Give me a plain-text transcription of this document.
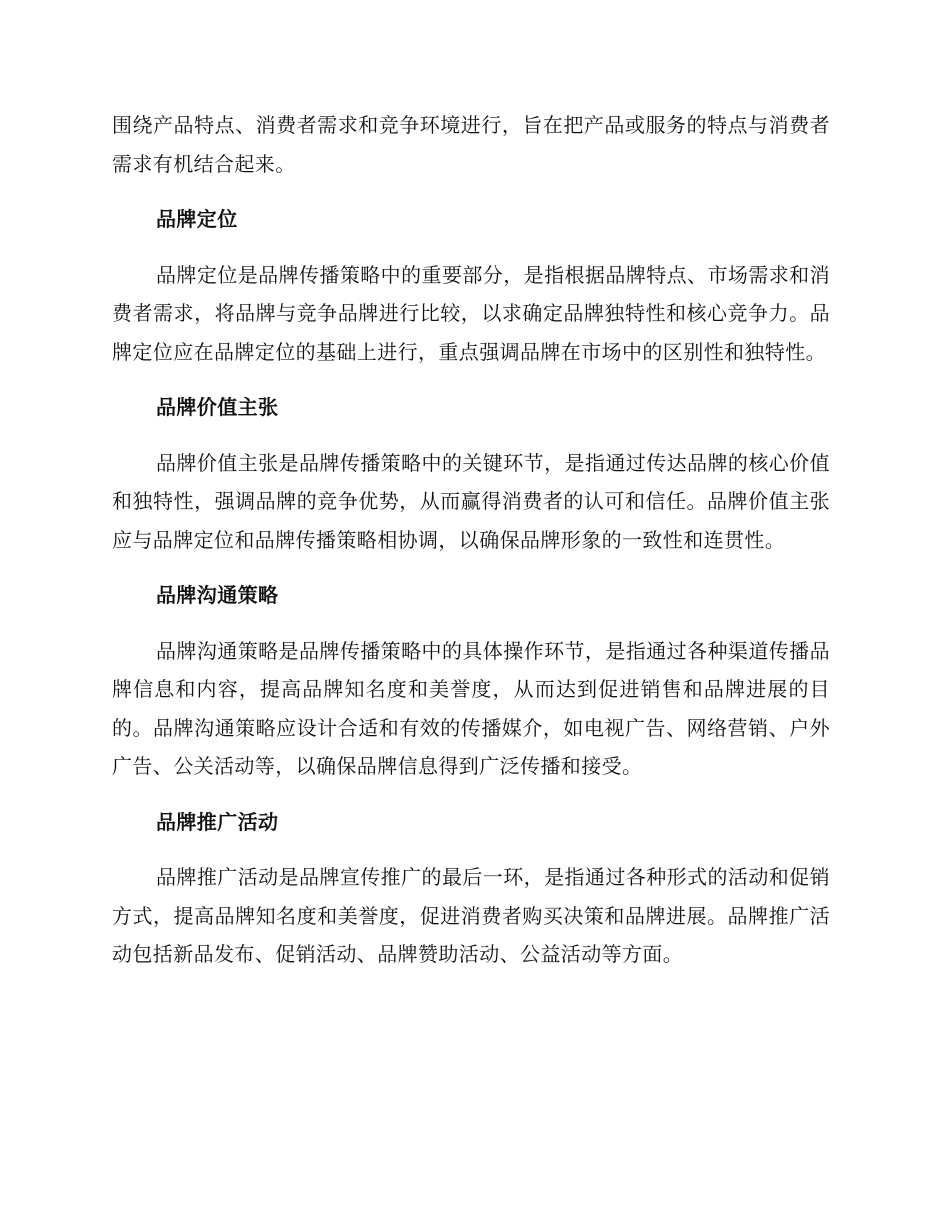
围绕产品特点、消费者需求和竞争环境进行，旨在把产品或服务的特点与消费者需求有机结合起来。

品牌定位

品牌定位是品牌传播策略中的重要部分，是指根据品牌特点、市场需求和消费者需求，将品牌与竞争品牌进行比较，以求确定品牌独特性和核心竞争力。品牌定位应在品牌定位的基础上进行，重点强调品牌在市场中的区别性和独特性。

品牌价值主张

品牌价值主张是品牌传播策略中的关键环节，是指通过传达品牌的核心价值和独特性，强调品牌的竞争优势，从而赢得消费者的认可和信任。品牌价值主张应与品牌定位和品牌传播策略相协调，以确保品牌形象的一致性和连贯性。

品牌沟通策略

品牌沟通策略是品牌传播策略中的具体操作环节，是指通过各种渠道传播品牌信息和内容，提高品牌知名度和美誉度，从而达到促进销售和品牌进展的目的。品牌沟通策略应设计合适和有效的传播媒介，如电视广告、网络营销、户外广告、公关活动等，以确保品牌信息得到广泛传播和接受。

品牌推广活动

品牌推广活动是品牌宣传推广的最后一环，是指通过各种形式的活动和促销方式，提高品牌知名度和美誉度，促进消费者购买决策和品牌进展。品牌推广活动包括新品发布、促销活动、品牌赞助活动、公益活动等方面。
